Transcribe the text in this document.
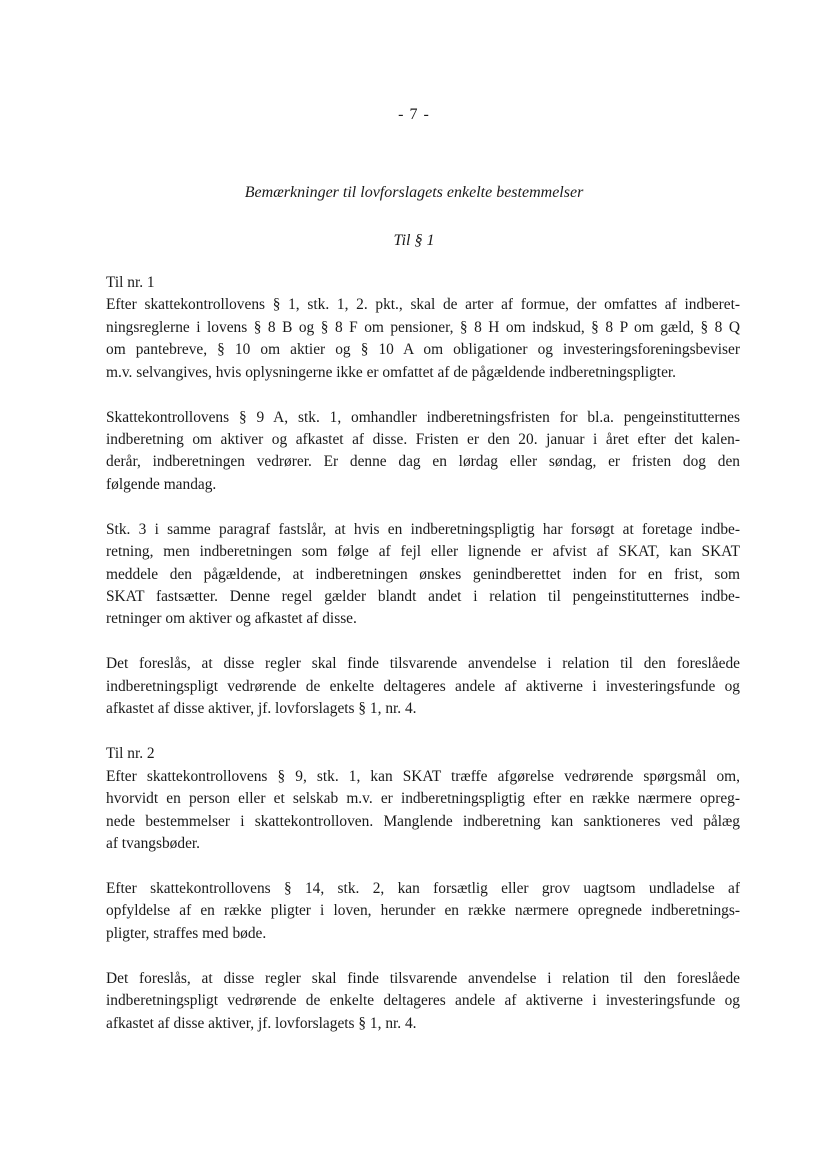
- 7 -
Bemærkninger til lovforslagets enkelte bestemmelser
Til § 1

Til nr. 1
Efter skattekontrollovens § 1, stk. 1, 2. pkt., skal de arter af formue, der omfattes af indberet-
ningsreglerne i lovens § 8 B og § 8 F om pensioner, § 8 H om indskud, § 8 P om gæld, § 8 Q
om pantebreve, § 10 om aktier og § 10 A om obligationer og investeringsforeningsbeviser
m.v. selvangives, hvis oplysningerne ikke er omfattet af de pågældende indberetningspligter.

Skattekontrollovens § 9 A, stk. 1, omhandler indberetningsfristen for bl.a. pengeinstitutternes
indberetning om aktiver og afkastet af disse. Fristen er den 20. januar i året efter det kalen-
derår, indberetningen vedrører. Er denne dag en lørdag eller søndag, er fristen dog den
følgende mandag.

Stk. 3 i samme paragraf fastslår, at hvis en indberetningspligtig har forsøgt at foretage indbe-
retning, men indberetningen som følge af fejl eller lignende er afvist af SKAT, kan SKAT
meddele den pågældende, at indberetningen ønskes genindberettet inden for en frist, som
SKAT fastsætter. Denne regel gælder blandt andet i relation til pengeinstitutternes indbe-
retninger om aktiver og afkastet af disse.

Det foreslås, at disse regler skal finde tilsvarende anvendelse i relation til den foreslåede
indberetningspligt vedrørende de enkelte deltageres andele af aktiverne i investeringsfunde og
afkastet af disse aktiver, jf. lovforslagets § 1, nr. 4.

Til nr. 2
Efter skattekontrollovens § 9, stk. 1, kan SKAT træffe afgørelse vedrørende spørgsmål om,
hvorvidt en person eller et selskab m.v. er indberetningspligtig efter en række nærmere opreg-
nede bestemmelser i skattekontrolloven. Manglende indberetning kan sanktioneres ved pålæg
af tvangsbøder.

Efter skattekontrollovens § 14, stk. 2, kan forsætlig eller grov uagtsom undladelse af
opfyldelse af en række pligter i loven, herunder en række nærmere opregnede indberetnings-
pligter, straffes med bøde.

Det foreslås, at disse regler skal finde tilsvarende anvendelse i relation til den foreslåede
indberetningspligt vedrørende de enkelte deltageres andele af aktiverne i investeringsfunde og
afkastet af disse aktiver, jf. lovforslagets § 1, nr. 4.
